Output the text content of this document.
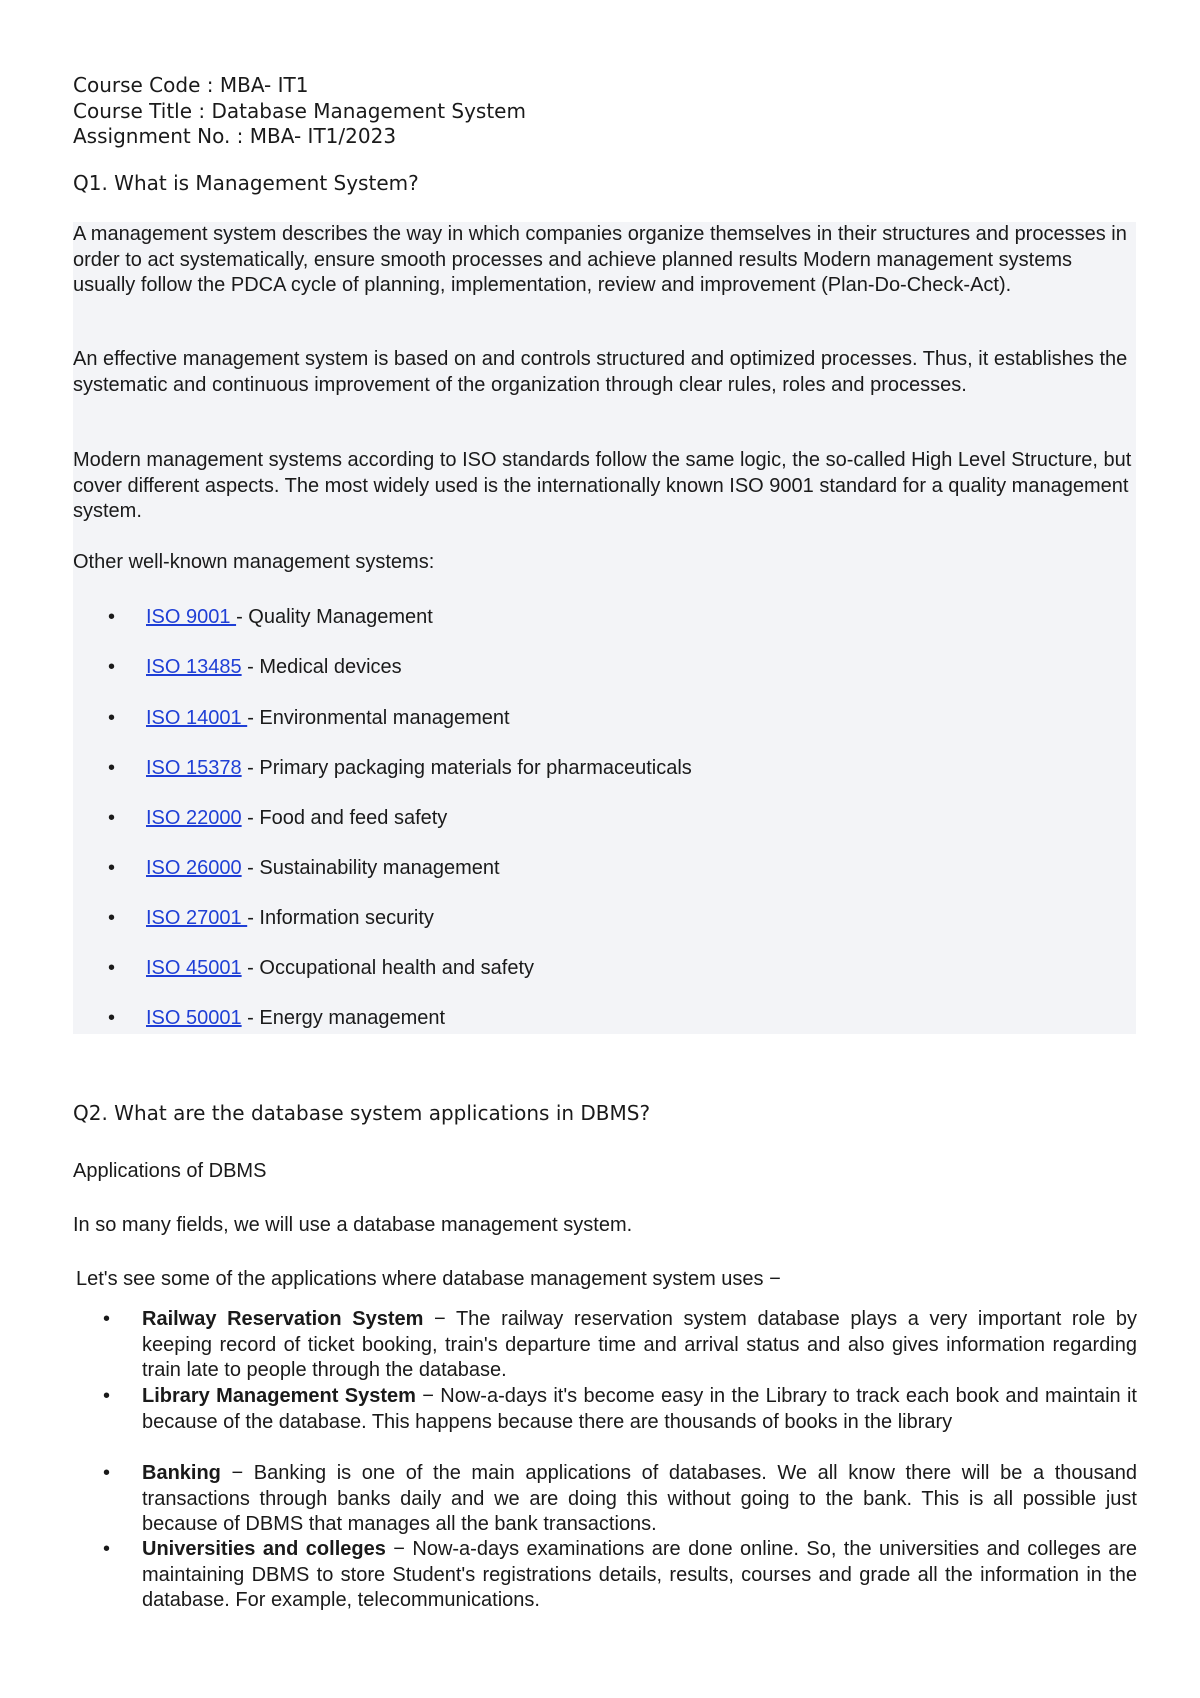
Course Code : MBA- IT1
Course Title : Database Management System
Assignment No. : MBA- IT1/2023
Q1. What is Management System?
A management system describes the way in which companies organize themselves in their structures and processes in order to act systematically, ensure smooth processes and achieve planned results Modern management systems usually follow the PDCA cycle of planning, implementation, review and improvement (Plan-Do-Check-Act).
An effective management system is based on and controls structured and optimized processes. Thus, it establishes the systematic and continuous improvement of the organization through clear rules, roles and processes.
Modern management systems according to ISO standards follow the same logic, the so-called High Level Structure, but cover different aspects. The most widely used is the internationally known ISO 9001 standard for a quality management system.
Other well-known management systems:
• ISO 9001 - Quality Management
• ISO 13485 - Medical devices
• ISO 14001 - Environmental management
• ISO 15378 - Primary packaging materials for pharmaceuticals
• ISO 22000 - Food and feed safety
• ISO 26000 - Sustainability management
• ISO 27001 - Information security
• ISO 45001 - Occupational health and safety
• ISO 50001 - Energy management
Q2. What are the database system applications in DBMS?
Applications of DBMS
In so many fields, we will use a database management system.
Let's see some of the applications where database management system uses −
• Railway Reservation System − The railway reservation system database plays a very important role by keeping record of ticket booking, train's departure time and arrival status and also gives information regarding train late to people through the database.
• Library Management System − Now-a-days it's become easy in the Library to track each book and maintain it because of the database. This happens because there are thousands of books in the library
• Banking − Banking is one of the main applications of databases. We all know there will be a thousand transactions through banks daily and we are doing this without going to the bank. This is all possible just because of DBMS that manages all the bank transactions.
• Universities and colleges − Now-a-days examinations are done online. So, the universities and colleges are maintaining DBMS to store Student's registrations details, results, courses and grade all the information in the database. For example, telecommunications.
